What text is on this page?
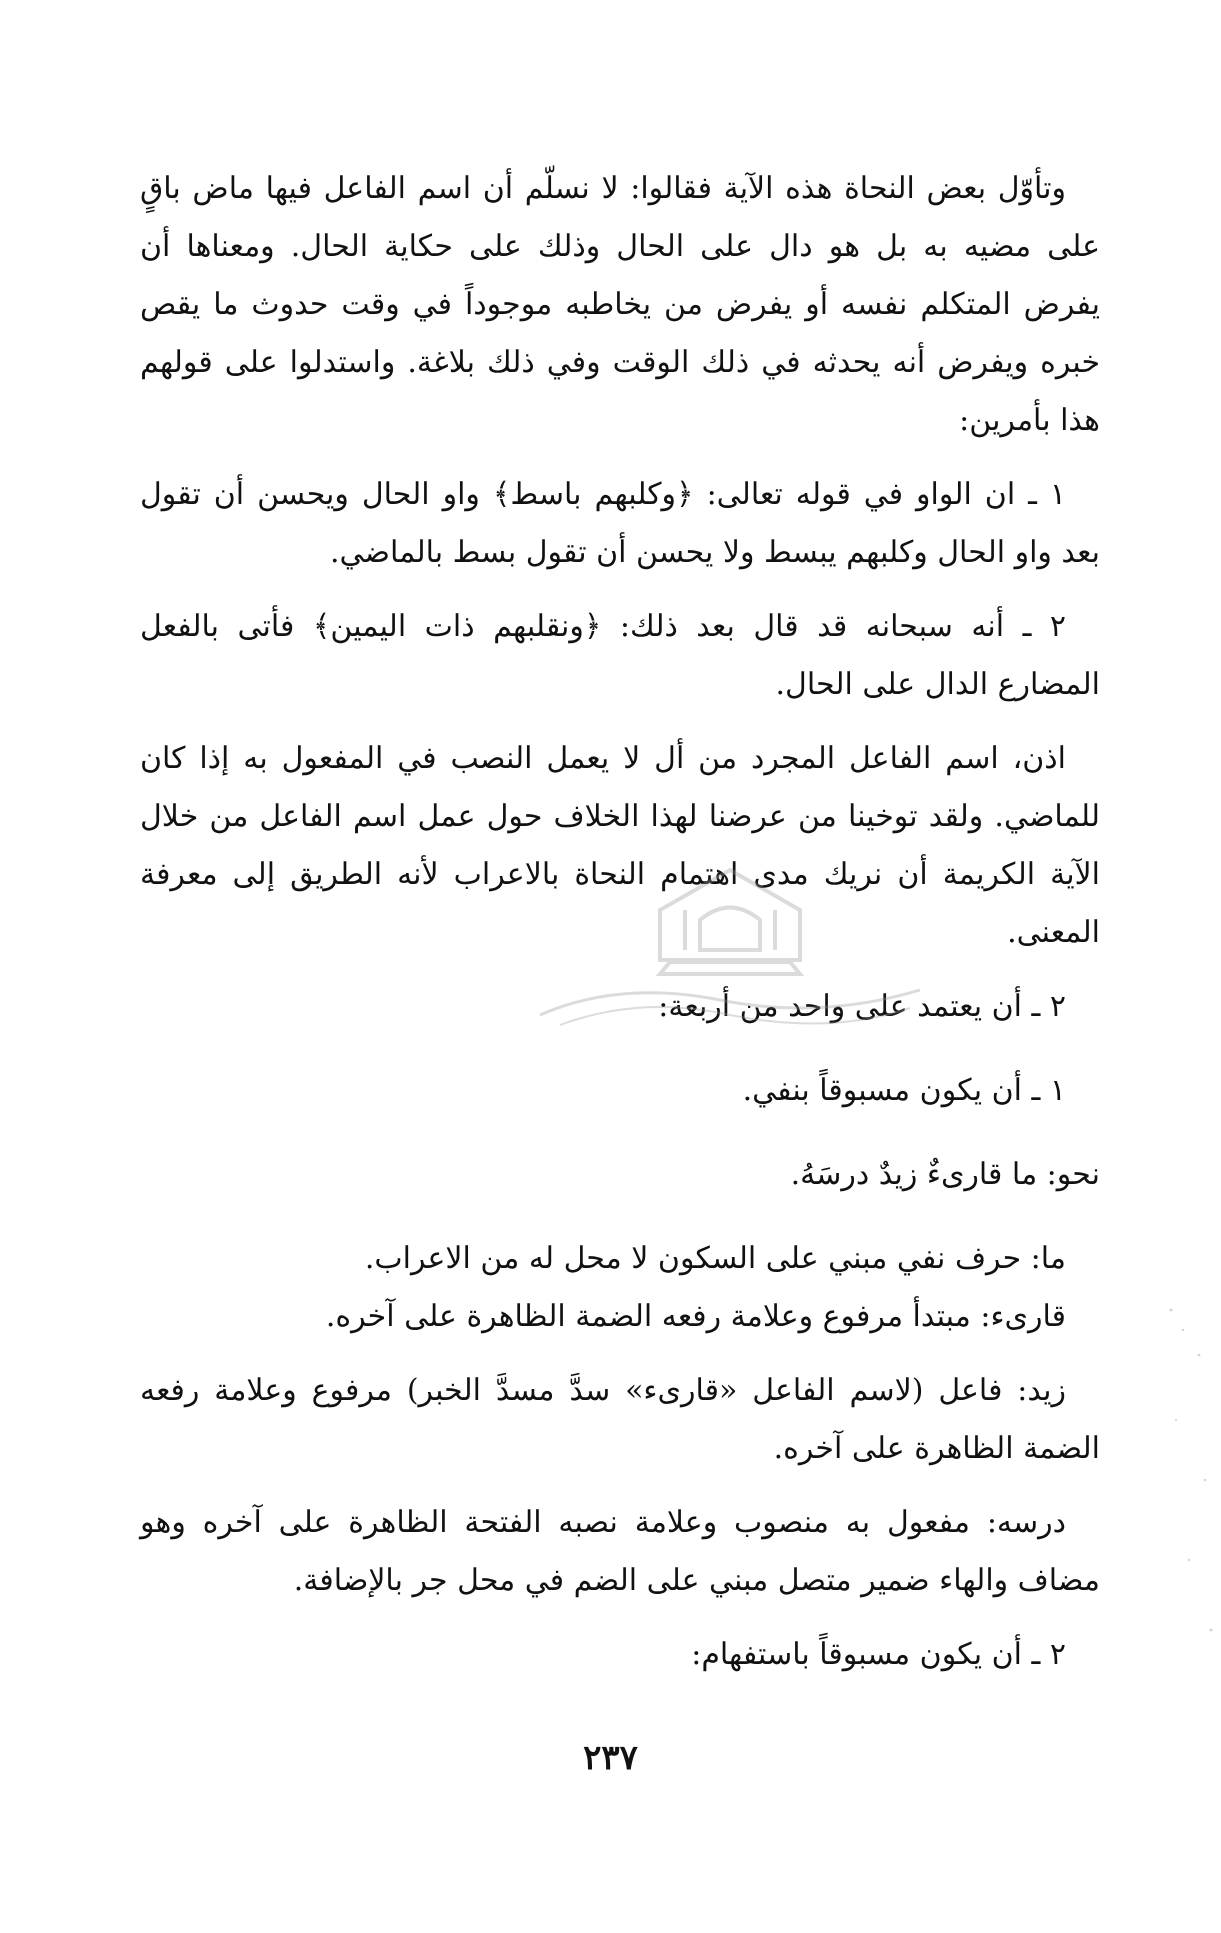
وتأوّل بعض النحاة هذه الآية فقالوا: لا نسلّم أن اسم الفاعل فيها ماض باقٍ على مضيه به بل هو دال على الحال وذلك على حكاية الحال. ومعناها أن يفرض المتكلم نفسه أو يفرض من يخاطبه موجوداً في وقت حدوث ما يقص خبره ويفرض أنه يحدثه في ذلك الوقت وفي ذلك بلاغة. واستدلوا على قولهم هذا بأمرين:

١ ـ ان الواو في قوله تعالى: ﴿وكلبهم باسط﴾ واو الحال ويحسن أن تقول بعد واو الحال وكلبهم يبسط ولا يحسن أن تقول بسط بالماضي.

٢ ـ أنه سبحانه قد قال بعد ذلك: ﴿ونقلبهم ذات اليمين﴾ فأتى بالفعل المضارع الدال على الحال.

اذن، اسم الفاعل المجرد من أل لا يعمل النصب في المفعول به إذا كان للماضي. ولقد توخينا من عرضنا لهذا الخلاف حول عمل اسم الفاعل من خلال الآية الكريمة أن نريك مدى اهتمام النحاة بالاعراب لأنه الطريق إلى معرفة المعنى.

٢ ـ أن يعتمد على واحد من أربعة:

١ ـ أن يكون مسبوقاً بنفي.

نحو: ما قارىءٌ زيدٌ درسَهُ.

ما: حرف نفي مبني على السكون لا محل له من الاعراب.

قارىء: مبتدأ مرفوع وعلامة رفعه الضمة الظاهرة على آخره.

زيد: فاعل (لاسم الفاعل «قارىء» سدَّ مسدَّ الخبر) مرفوع وعلامة رفعه الضمة الظاهرة على آخره.

درسه: مفعول به منصوب وعلامة نصبه الفتحة الظاهرة على آخره وهو مضاف والهاء ضمير متصل مبني على الضم في محل جر بالإضافة.

٢ ـ أن يكون مسبوقاً باستفهام:

٢٣٧
